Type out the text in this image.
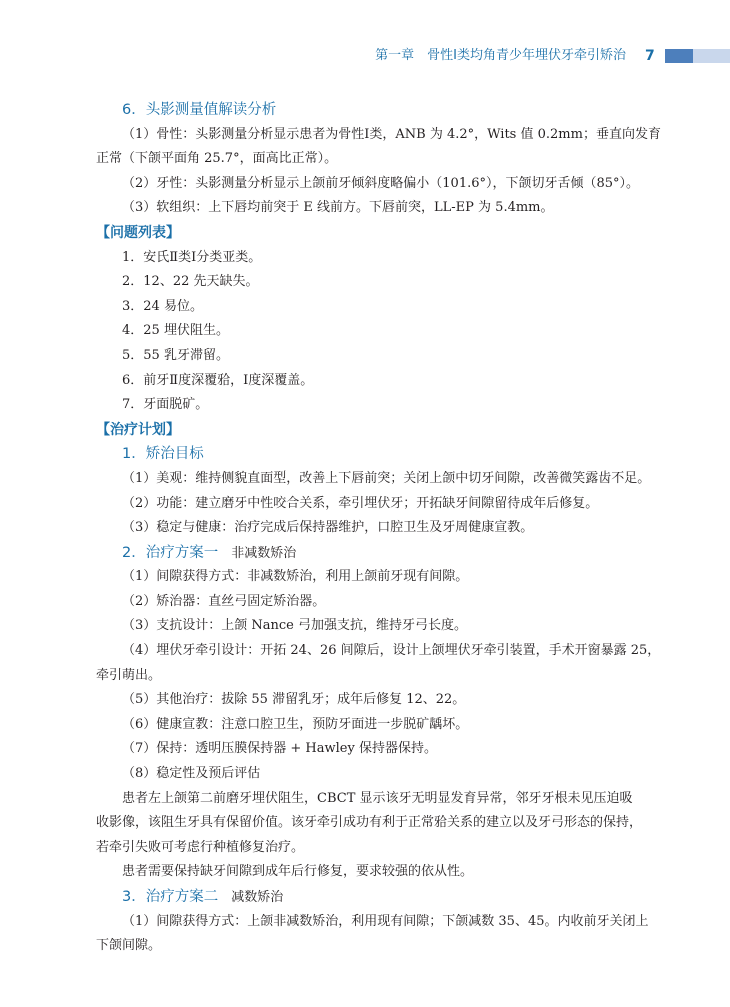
第一章　骨性Ⅰ类均角青少年埋伏牙牵引矫治 7
6．头影测量值解读分析
（1）骨性：头影测量分析显示患者为骨性Ⅰ类，ANB 为 4.2°，Wits 值 0.2mm；垂直向发育
正常（下颌平面角 25.7°，面高比正常）。
（2）牙性：头影测量分析显示上颌前牙倾斜度略偏小（101.6°），下颌切牙舌倾（85°）。
（3）软组织：上下唇均前突于 E 线前方。下唇前突，LL-EP 为 5.4mm。
【问题列表】
1．安氏Ⅱ类Ⅰ分类亚类。
2．12、22 先天缺失。
3．24 易位。
4．25 埋伏阻生。
5．55 乳牙滞留。
6．前牙Ⅱ度深覆𬌗，Ⅰ度深覆盖。
7．牙面脱矿。
【治疗计划】
1．矫治目标
（1）美观：维持侧貌直面型，改善上下唇前突；关闭上颌中切牙间隙，改善微笑露齿不足。
（2）功能：建立磨牙中性咬合关系，牵引埋伏牙；开拓缺牙间隙留待成年后修复。
（3）稳定与健康：治疗完成后保持器维护，口腔卫生及牙周健康宣教。
2．治疗方案一　非减数矫治
（1）间隙获得方式：非减数矫治，利用上颌前牙现有间隙。
（2）矫治器：直丝弓固定矫治器。
（3）支抗设计：上颌 Nance 弓加强支抗，维持牙弓长度。
（4）埋伏牙牵引设计：开拓 24、26 间隙后，设计上颌埋伏牙牵引装置，手术开窗暴露 25，
牵引萌出。
（5）其他治疗：拔除 55 滞留乳牙；成年后修复 12、22。
（6）健康宣教：注意口腔卫生，预防牙面进一步脱矿龋坏。
（7）保持：透明压膜保持器 + Hawley 保持器保持。
（8）稳定性及预后评估
患者左上颌第二前磨牙埋伏阻生，CBCT 显示该牙无明显发育异常，邻牙牙根未见压迫吸
收影像，该阻生牙具有保留价值。该牙牵引成功有利于正常𬌗关系的建立以及牙弓形态的保持，
若牵引失败可考虑行种植修复治疗。
患者需要保持缺牙间隙到成年后行修复，要求较强的依从性。
3．治疗方案二　减数矫治
（1）间隙获得方式：上颌非减数矫治，利用现有间隙；下颌减数 35、45。内收前牙关闭上
下颌间隙。
